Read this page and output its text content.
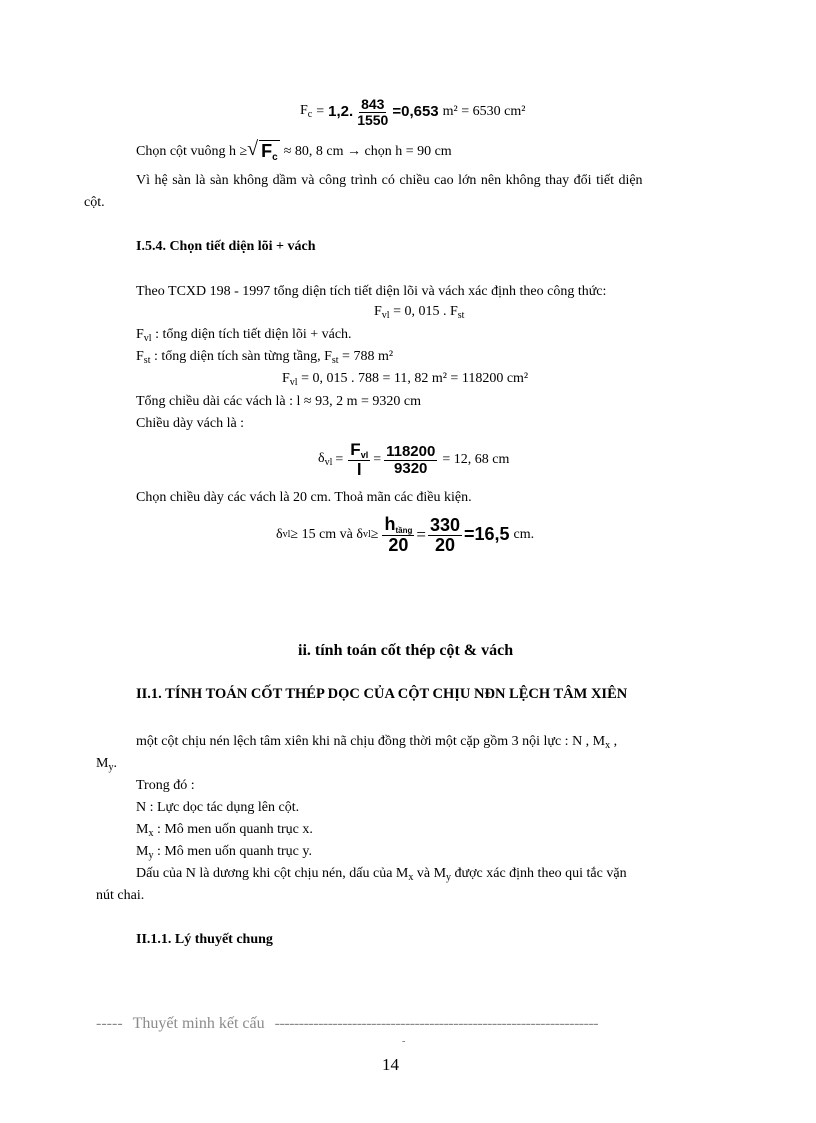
$F_c = 1,2$. $\frac{843}{1550} =0,653$ m² = 6530 cm²
Chọn cột vuông h ≥ √ $F_c \approx 80$, 8 cm → chọn h = 90 cm
Vì hệ sàn là sàn không dầm và công trình có chiều cao lớn nên không thay đổi tiết diện
cột.
I.5.4. Chọn tiết diện lõi + vách
Theo TCXD 198 - 1997 tổng diện tích tiết diện lõi và vách xác định theo công thức:
$F_{vl} = 0$, 015 . $F_{st}$
$F_{vl}$ : tổng diện tích tiết diện lõi + vách.
$F_{st}$ : tổng diện tích sàn từng tầng, $F_{st} = 788$ m²
$F_{vl} = 0$, 015 . 788 = 11, 82 m² = 118200 cm²
Tổng chiều dài các vách là : l ≈ 93, 2 m = 9320 cm
Chiều dày vách là :
$\delta_{vl} = \frac{F_{vl}}{l} = \frac{118200}{9320} = 12$, 68 cm
Chọn chiều dày các vách là 20 cm. Thoả mãn các điều kiện.
δ vl ≥ 15 cm và δ vl ≥ $\frac{h_{tầng}}{20} = \frac{330}{20} =16,5$ cm.
ii. tính toán cốt thép cột & vách
II.1. TÍNH TOÁN CỐT THÉP DỌC CỦA CỘT CHỊU NĐN LỆCH TÂM XIÊN
một cột chịu nén lệch tâm xiên khi nã chịu đồng thời một cặp gồm 3 nội lực : N , $M_x$ ,
$M_y$.
Trong đó :
N : Lực dọc tác dụng lên cột.
$M_x$ : Mô men uốn quanh trục x.
$M_y$ : Mô men uốn quanh trục y.
Dấu của N là dương khi cột chịu nén, dấu của $M_x$ và $M_y$ được xác định theo qui tắc vặn
nút chai.
II.1.1. Lý thuyết chung
----- Thuyết minh kết cấu -------------------------------------------------------------------
-
14
